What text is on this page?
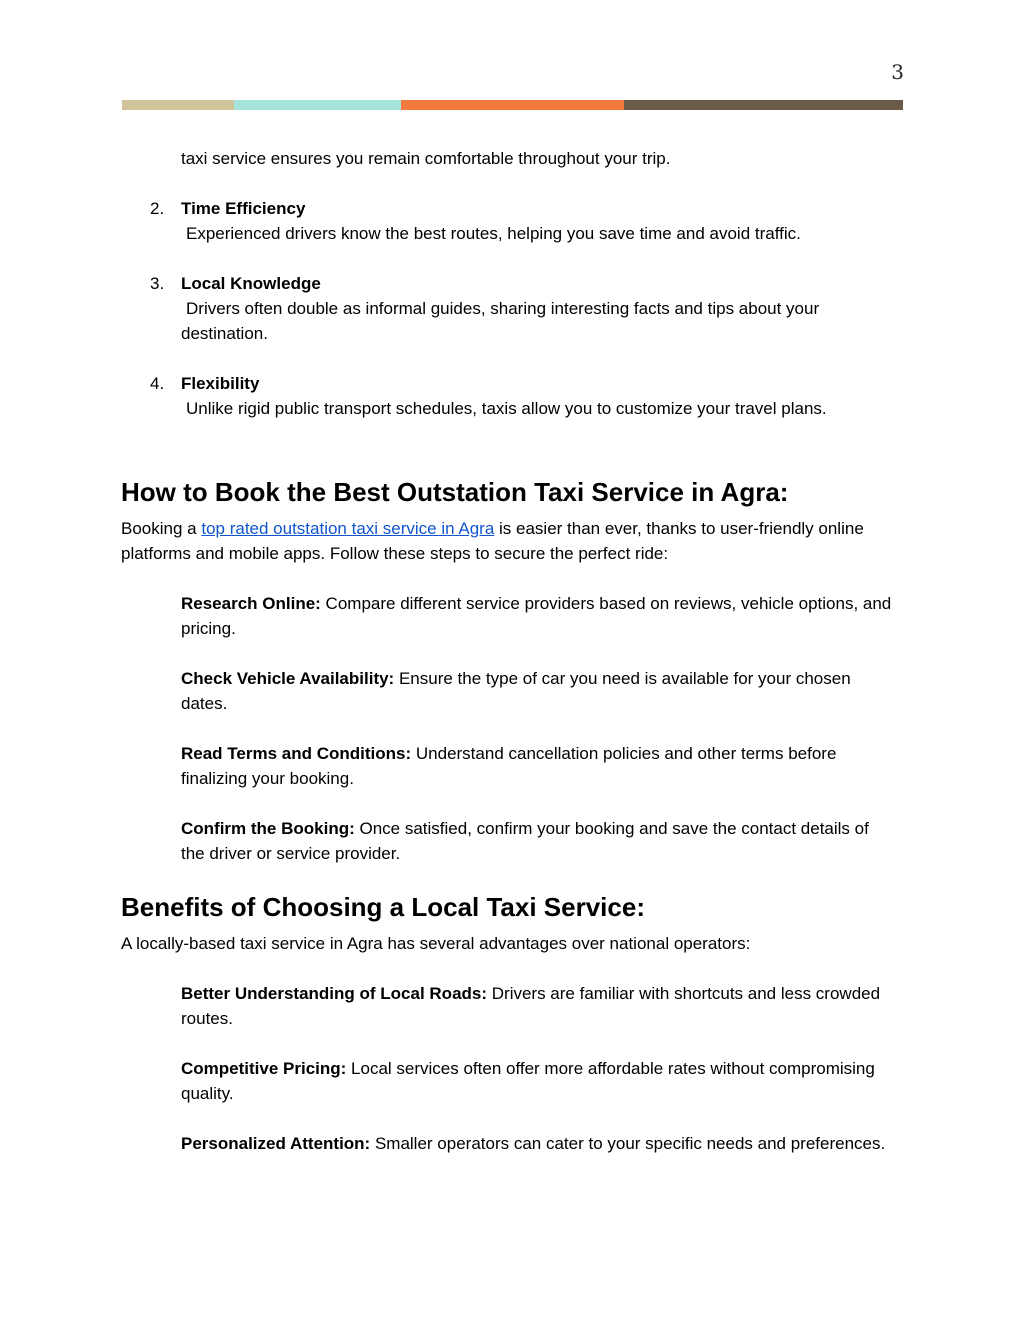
3

taxi service ensures you remain comfortable throughout your trip.

2. Time Efficiency
Experienced drivers know the best routes, helping you save time and avoid traffic.
3. Local Knowledge
Drivers often double as informal guides, sharing interesting facts and tips about your
destination.
4. Flexibility
Unlike rigid public transport schedules, taxis allow you to customize your travel plans.
How to Book the Best Outstation Taxi Service in Agra:

Booking a top rated outstation taxi service in Agra is easier than ever, thanks to user-friendly online platforms and mobile apps. Follow these steps to secure the perfect ride:

Research Online: Compare different service providers based on reviews, vehicle options, and pricing.

Check Vehicle Availability: Ensure the type of car you need is available for your chosen dates.

Read Terms and Conditions: Understand cancellation policies and other terms before finalizing your booking.

Confirm the Booking: Once satisfied, confirm your booking and save the contact details of the driver or service provider.

Benefits of Choosing a Local Taxi Service:

A locally-based taxi service in Agra has several advantages over national operators:

Better Understanding of Local Roads: Drivers are familiar with shortcuts and less crowded routes.

Competitive Pricing: Local services often offer more affordable rates without compromising quality.

Personalized Attention: Smaller operators can cater to your specific needs and preferences.
